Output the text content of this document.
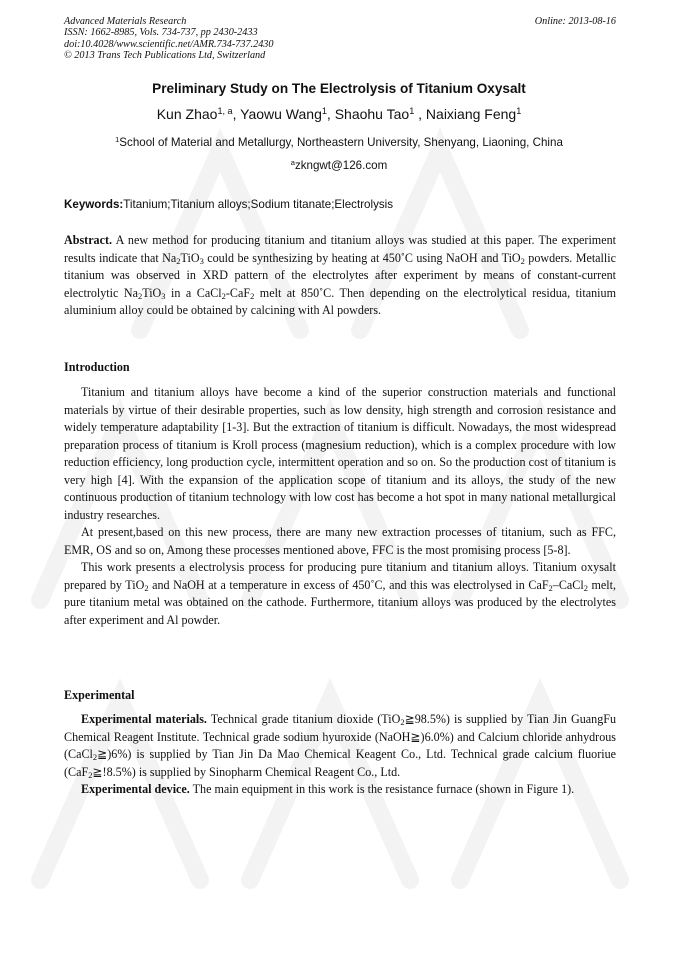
Advanced Materials Research
ISSN: 1662-8985, Vols. 734-737, pp 2430-2433
doi:10.4028/www.scientific.net/AMR.734-737.2430
© 2013 Trans Tech Publications Ltd, Switzerland
Online: 2013-08-16
Preliminary Study on The Electrolysis of Titanium Oxysalt
Kun Zhao$^{1, a}$, Yaowu Wang$^1$, Shaohu Tao$^1$ , Naixiang Feng$^1$
$^1$School of Material and Metallurgy, Northeastern University, Shenyang, Liaoning, China
$^a$zkngwt@126.com
Keywords:Titanium;Titanium alloys;Sodium titanate;Electrolysis

Abstract. A new method for producing titanium and titanium alloys was studied at this paper. The experiment results indicate that $Na_2TiO_3$ could be synthesizing by heating at 450˚C using NaOH and TiO$_2$ powders. Metallic titanium was observed in XRD pattern of the electrolytes after experiment by means of constant-current electrolytic $Na_2TiO_3$ in a CaCl$_2$-CaF$_2$ melt at 850˚C. Then depending on the electrolytical residua, titanium aluminium alloy could be obtained by calcining with Al powders.

Introduction

Titanium and titanium alloys have become a kind of the superior construction materials and functional materials by virtue of their desirable properties, such as low density, high strength and corrosion resistance and widely temperature adaptability [1-3]. But the extraction of titanium is difficult. Nowadays, the most widespread preparation process of titanium is Kroll process (magnesium reduction), which is a complex procedure with low reduction efficiency, long production cycle, intermittent operation and so on. So the production cost of titanium is very high [4]. With the expansion of the application scope of titanium and its alloys, the study of the new continuous production of titanium technology with low cost has become a hot spot in many national metallurgical industry researches.

At present,based on this new process, there are many new extraction processes of titanium, such as FFC, EMR, OS and so on, Among these processes mentioned above, FFC is the most promising process [5-8].

This work presents a electrolysis process for producing pure titanium and titanium alloys. Titanium oxysalt prepared by TiO$_2$ and NaOH at a temperature in excess of 450˚C, and this was electrolysed in CaF$_2$–CaCl$_2$ melt, pure titanium metal was obtained on the cathode. Furthermore, titanium alloys was produced by the electrolytes after experiment and Al powder.

Experimental

Experimental materials. Technical grade titanium dioxide (TiO$_2$≧98.5%) is supplied by Tian Jin GuangFu Chemical Reagent Institute. Technical grade sodium hyuroxide (NaOH≧)6.0%) and Calcium chloride anhydrous (CaCl$_2$≧)6%) is supplied by Tian Jin Da Mao Chemical Keagent Co., Ltd. Technical grade calcium fluoriue (CaF$_2$≧!8.5%) is supplied by Sinopharm Chemical Reagent Co., Ltd.

Experimental device. The main equipment in this work is the resistance furnace (shown in Figure 1).
